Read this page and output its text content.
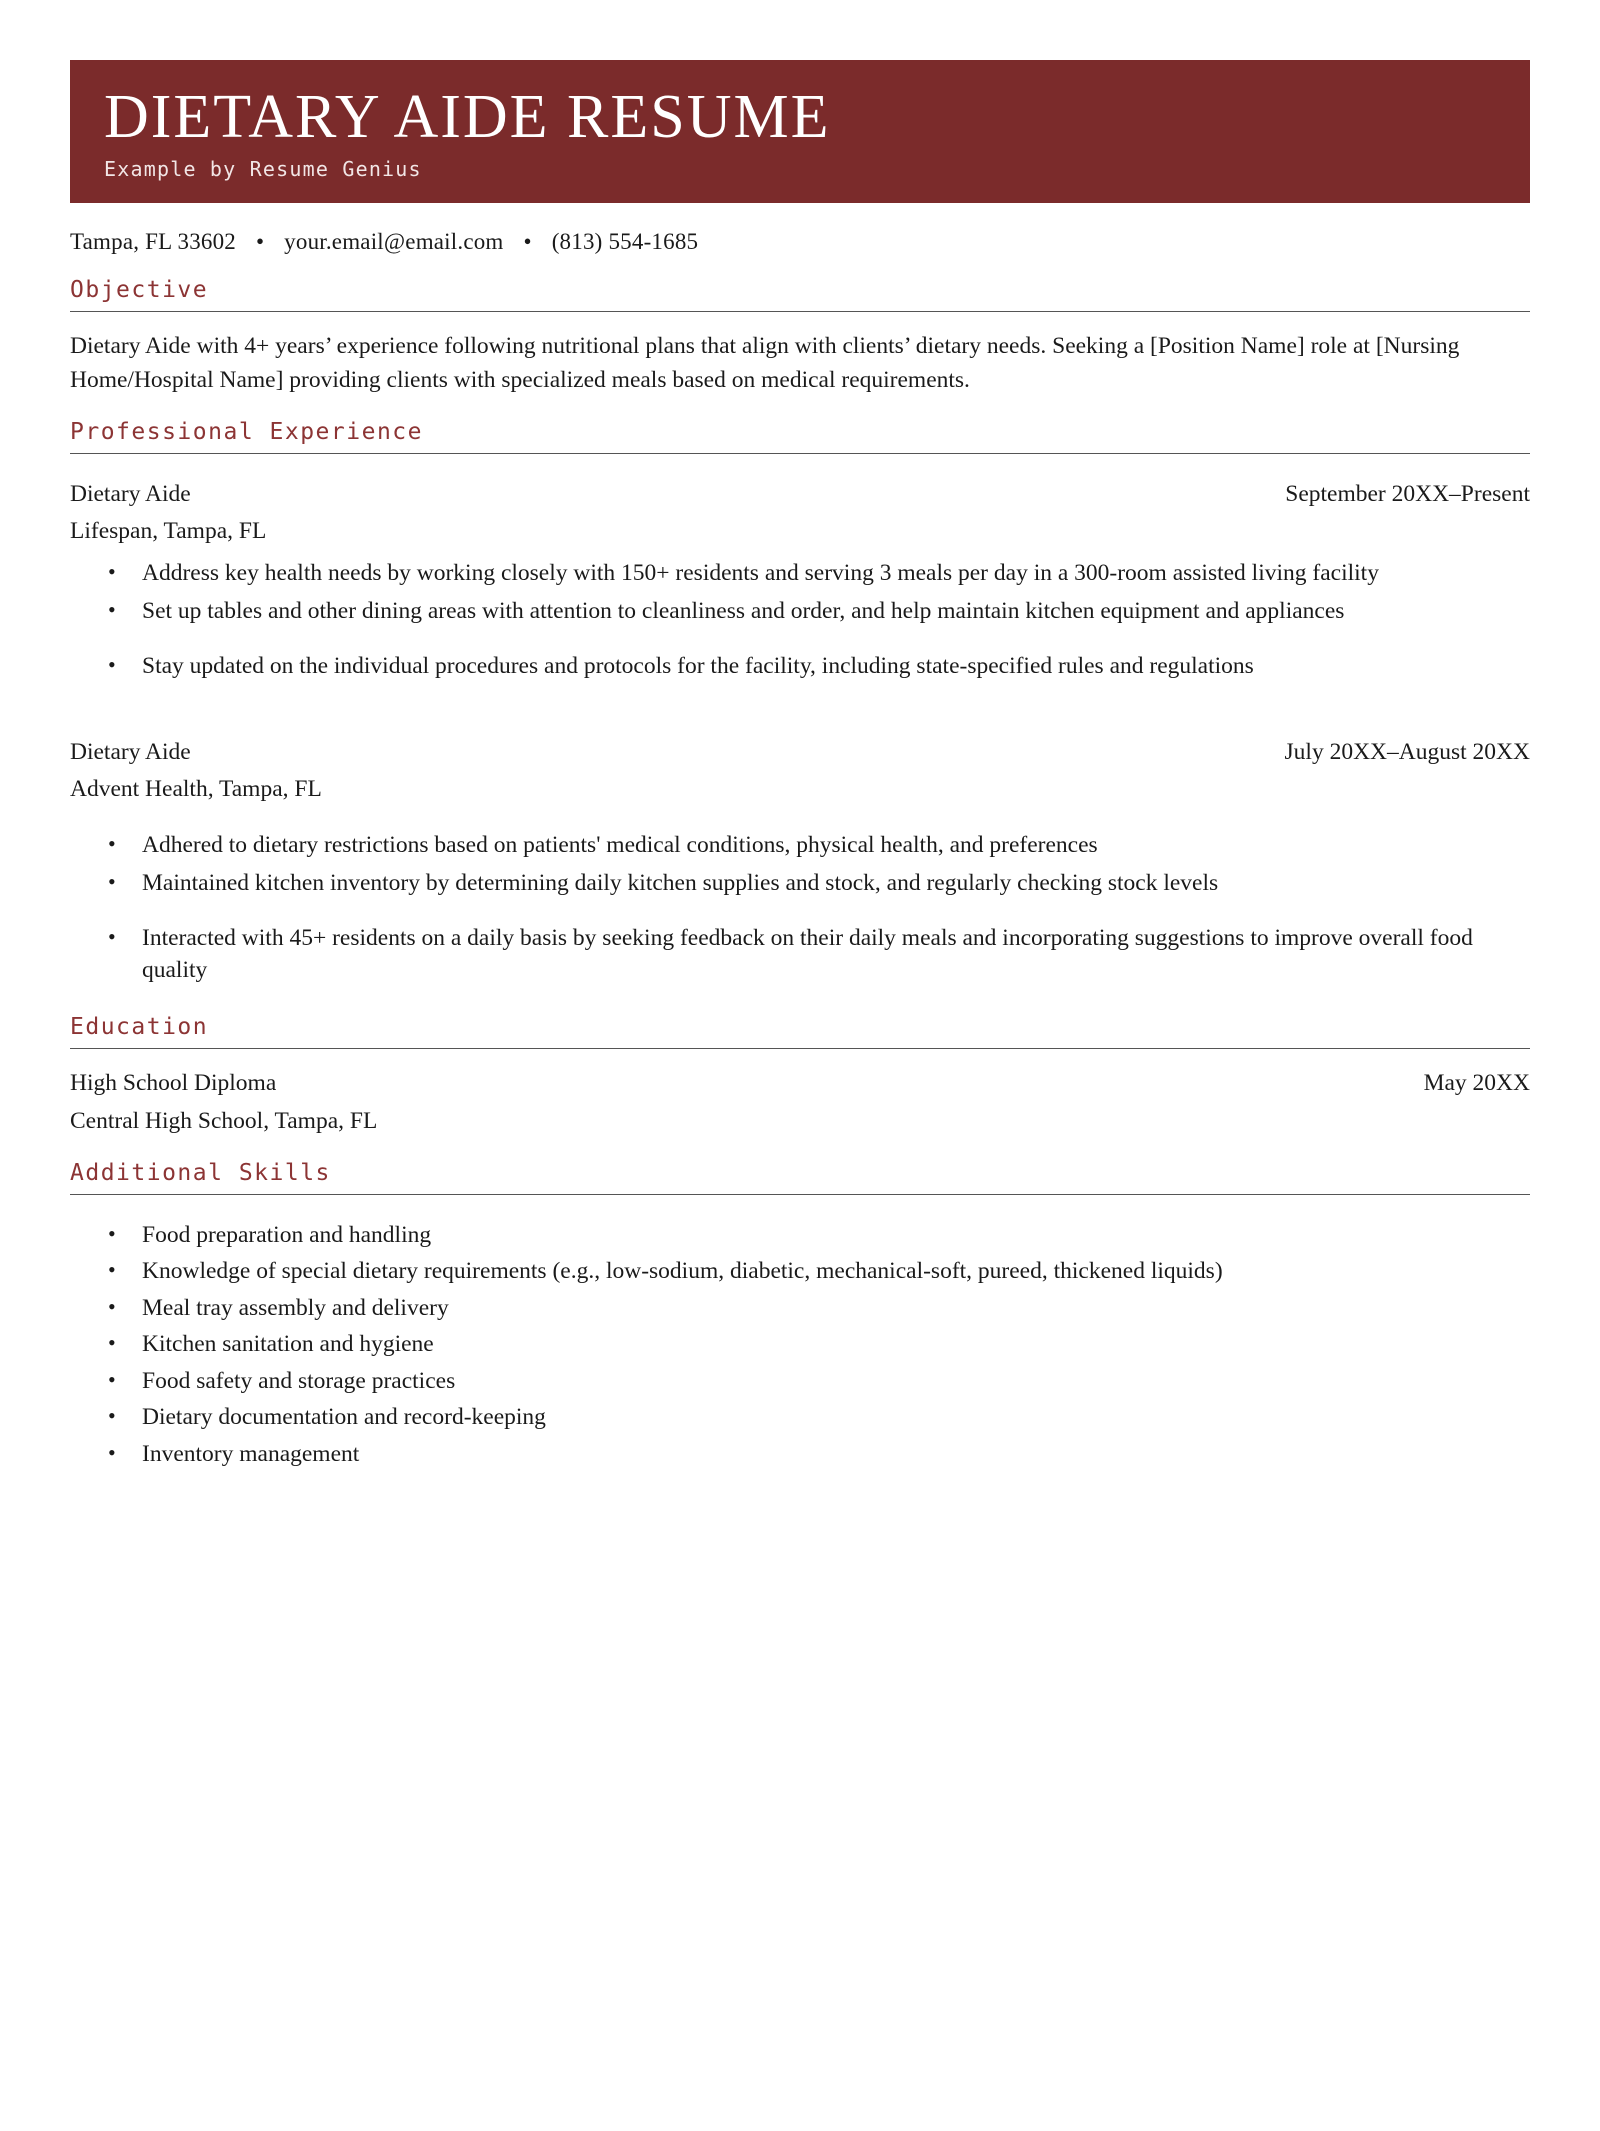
DIETARY AIDE RESUME
Example by Resume Genius
Tampa, FL 33602 • your.email@email.com • (813) 554-1685
Objective

Dietary Aide with 4+ years’ experience following nutritional plans that align with clients’ dietary needs. Seeking a [Position Name] role at [Nursing Home/Hospital Name] providing clients with specialized meals based on medical requirements.

Professional Experience
Dietary Aide	September 20XX–Present
Lifespan, Tampa, FL
• Address key health needs by working closely with 150+ residents and serving 3 meals per day in a 300-room assisted living facility
• Set up tables and other dining areas with attention to cleanliness and order, and help maintain kitchen equipment and appliances
• Stay updated on the individual procedures and protocols for the facility, including state-specified rules and regulations
Dietary Aide	July 20XX–August 20XX
Advent Health, Tampa, FL
• Adhered to dietary restrictions based on patients' medical conditions, physical health, and preferences
• Maintained kitchen inventory by determining daily kitchen supplies and stock, and regularly checking stock levels
• Interacted with 45+ residents on a daily basis by seeking feedback on their daily meals and incorporating suggestions to improve overall food quality
Education
High School Diploma	May 20XX
Central High School, Tampa, FL
Additional Skills
• Food preparation and handling
• Knowledge of special dietary requirements (e.g., low-sodium, diabetic, mechanical-soft, pureed, thickened liquids)
• Meal tray assembly and delivery
• Kitchen sanitation and hygiene
• Food safety and storage practices
• Dietary documentation and record-keeping
• Inventory management
